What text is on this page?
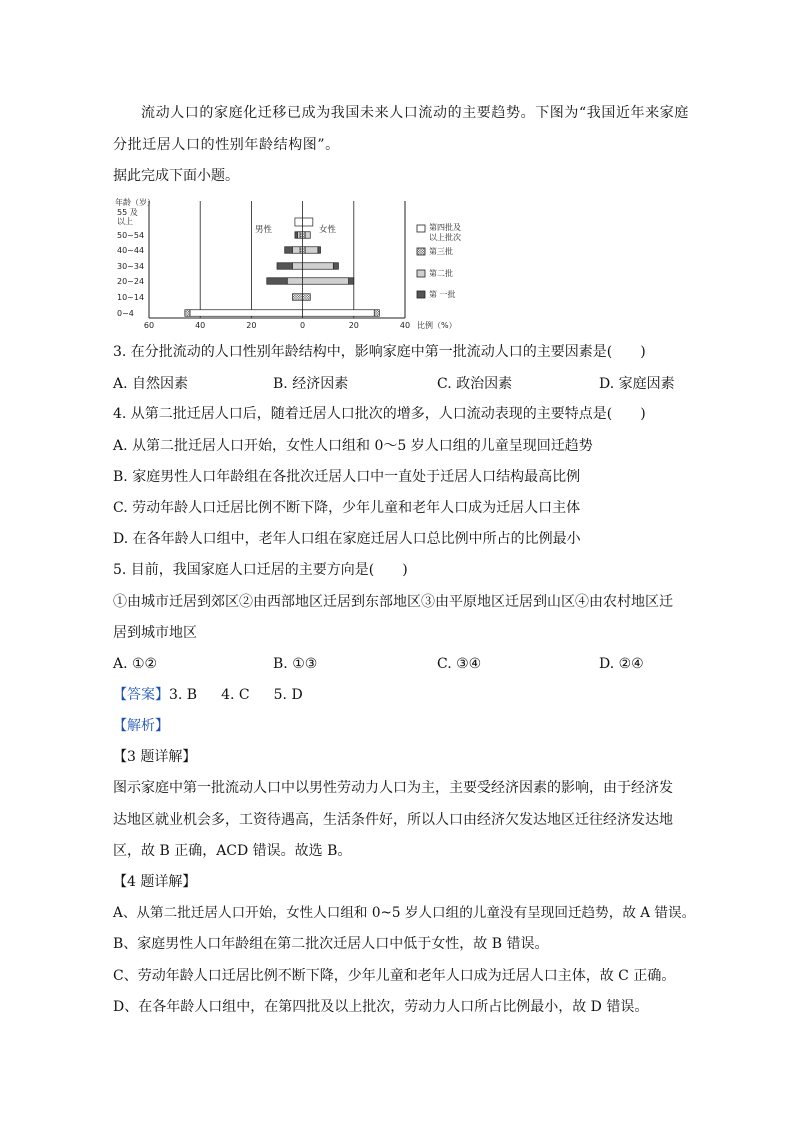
流动人口的家庭化迁移已成为我国未来人口流动的主要趋势。下图为“我国近年来家庭
分批迁居人口的性别年龄结构图”。
据此完成下面小题。
年龄（岁）
55 及
以上
0~4
10~14
20~24
30~34
40~44
50~54
男性	女性
60	40	20	0	20	40 比例（%）
第四批及
以上批次
第三批
第二批
第 一批
3. 在分批流动的人口性别年龄结构中，影响家庭中第一批流动人口的主要因素是(　　)
A. 自然因素	B. 经济因素	C. 政治因素	D. 家庭因素
4. 从第二批迁居人口后，随着迁居人口批次的增多，人口流动表现的主要特点是(　　)
A. 从第二批迁居人口开始，女性人口组和 0～5 岁人口组的儿童呈现回迁趋势
B. 家庭男性人口年龄组在各批次迁居人口中一直处于迁居人口结构最高比例
C. 劳动年龄人口迁居比例不断下降，少年儿童和老年人口成为迁居人口主体
D. 在各年龄人口组中，老年人口组在家庭迁居人口总比例中所占的比例最小
5. 目前，我国家庭人口迁居的主要方向是(　　)
①由城市迁居到郊区②由西部地区迁居到东部地区③由平原地区迁居到山区④由农村地区迁
居到城市地区
A. ①②	B. ①③	C. ③④	D. ②④
【答案】3. B 4. C 5. D
【解析】
【3 题详解】
图示家庭中第一批流动人口中以男性劳动力人口为主，主要受经济因素的影响，由于经济发
达地区就业机会多，工资待遇高，生活条件好，所以人口由经济欠发达地区迁往经济发达地
区，故 B 正确，ACD 错误。故选 B。
【4 题详解】
A、从第二批迁居人口开始，女性人口组和 0~5 岁人口组的儿童没有呈现回迁趋势，故 A 错误。
B、家庭男性人口年龄组在第二批次迁居人口中低于女性，故 B 错误。
C、劳动年龄人口迁居比例不断下降，少年儿童和老年人口成为迁居人口主体，故 C 正确。
D、在各年龄人口组中，在第四批及以上批次，劳动力人口所占比例最小，故 D 错误。
